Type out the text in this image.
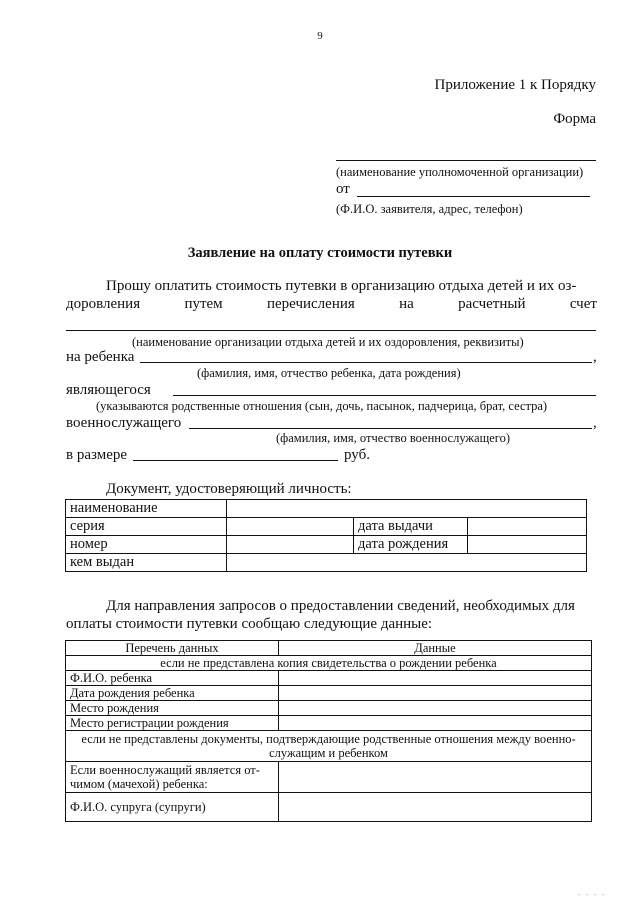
9
Приложение 1 к Порядку
Форма
(наименование уполномоченной организации)
от
(Ф.И.О. заявителя, адрес, телефон)
Заявление на оплату стоимости путевки
Прошу оплатить стоимость путевки в организацию отдыха детей и их оз-
доровления	путем	перечисления	на	расчетный	счет
(наименование организации отдыха детей и их оздоровления, реквизиты)
на ребенка	,
(фамилия, имя, отчество ребенка, дата рождения)
являющегося
(указываются родственные отношения (сын, дочь, пасынок, падчерица, брат, сестра)
военнослужащего	,
(фамилия, имя, отчество военнослужащего)
в размере	руб.
Документ, удостоверяющий личность:
наименование			
серия		дата выдачи	
номер		дата рождения	
кем выдан			
Для направления запросов о предоставлении сведений, необходимых для
оплаты стоимости путевки сообщаю следующие данные:
Перечень данных	Данные
если не представлена копия свидетельства о рождении ребенка	
Ф.И.О. ребенка	
Дата рождения ребенка	
Место рождения	
Место регистрации рождения	

если не представлены документы, подтверждающие родственные отношения между военно-
служащим и ребенком	

Если военнослужащий является от-
чимом (мачехой) ребенка:	

Ф.И.О. супруга (супруги)	
. . . .
